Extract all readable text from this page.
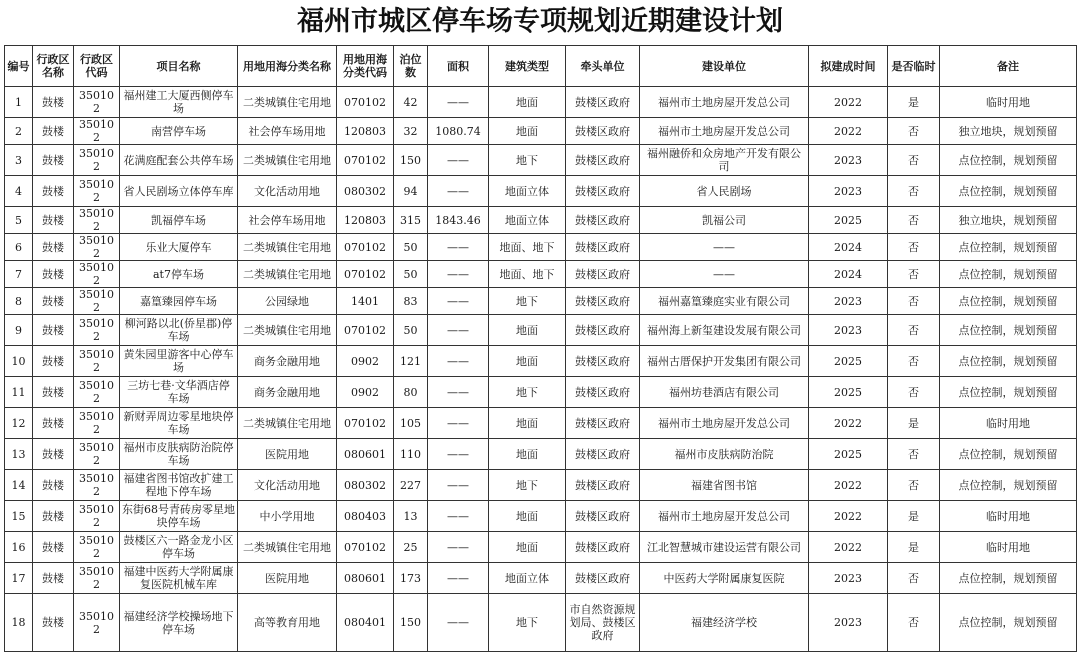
福州市城区停车场专项规划近期建设计划
编号	行政区名称	行政区代码	项目名称	用地用海分类名称	用地用海分类代码	泊位数	面积	建筑类型	牵头单位	建设单位	拟建成时间	是否临时	备注
1	鼓楼	350102	福州建工大厦西侧停车场	二类城镇住宅用地	070102	42	——	地面	鼓楼区政府	福州市土地房屋开发总公司	2022	是	临时用地
2	鼓楼	350102	南营停车场	社会停车场用地	120803	32	1080.74	地面	鼓楼区政府	福州市土地房屋开发总公司	2022	否	独立地块，规划预留
3	鼓楼	350102	花满庭配套公共停车场	二类城镇住宅用地	070102	150	——	地下	鼓楼区政府	福州融侨和众房地产开发有限公司	2023	否	点位控制，规划预留
4	鼓楼	350102	省人民剧场立体停车库	文化活动用地	080302	94	——	地面立体	鼓楼区政府	省人民剧场	2023	否	点位控制，规划预留
5	鼓楼	350102	凯福停车场	社会停车场用地	120803	315	1843.46	地面立体	鼓楼区政府	凯福公司	2025	否	独立地块，规划预留
6	鼓楼	350102	乐业大厦停车	二类城镇住宅用地	070102	50	——	地面、地下	鼓楼区政府	——	2024	否	点位控制，规划预留
7	鼓楼	350102	at7停车场	二类城镇住宅用地	070102	50	——	地面、地下	鼓楼区政府	——	2024	否	点位控制，规划预留
8	鼓楼	350102	嘉篁臻园停车场	公园绿地	1401	83	——	地下	鼓楼区政府	福州嘉篁臻庭实业有限公司	2023	否	点位控制，规划预留
9	鼓楼	350102	柳河路以北(侨星郡)停车场	二类城镇住宅用地	070102	50	——	地面	鼓楼区政府	福州海上新玺建设发展有限公司	2023	否	点位控制，规划预留
10	鼓楼	350102	黄朱园里游客中心停车场	商务金融用地	0902	121	——	地面	鼓楼区政府	福州古厝保护开发集团有限公司	2025	否	点位控制，规划预留
11	鼓楼	350102	三坊七巷·文华酒店停车场	商务金融用地	0902	80	——	地下	鼓楼区政府	福州坊巷酒店有限公司	2025	否	点位控制，规划预留
12	鼓楼	350102	新财弄周边零星地块停车场	二类城镇住宅用地	070102	105	——	地面	鼓楼区政府	福州市土地房屋开发总公司	2022	是	临时用地
13	鼓楼	350102	福州市皮肤病防治院停车场	医院用地	080601	110	——	地面	鼓楼区政府	福州市皮肤病防治院	2025	否	点位控制，规划预留
14	鼓楼	350102	福建省图书馆改扩建工程地下停车场	文化活动用地	080302	227	——	地下	鼓楼区政府	福建省图书馆	2022	否	点位控制，规划预留
15	鼓楼	350102	东街68号青砖房零星地块停车场	中小学用地	080403	13	——	地面	鼓楼区政府	福州市土地房屋开发总公司	2022	是	临时用地
16	鼓楼	350102	鼓楼区六一路金龙小区停车场	二类城镇住宅用地	070102	25	——	地面	鼓楼区政府	江北智慧城市建设运营有限公司	2022	是	临时用地
17	鼓楼	350102	福建中医药大学附属康复医院机械车库	医院用地	080601	173	——	地面立体	鼓楼区政府	中医药大学附属康复医院	2023	否	点位控制，规划预留
18	鼓楼	350102	福建经济学校操场地下停车场	高等教育用地	080401	150	——	地下	市自然资源规划局、鼓楼区政府	福建经济学校	2023	否	点位控制，规划预留
